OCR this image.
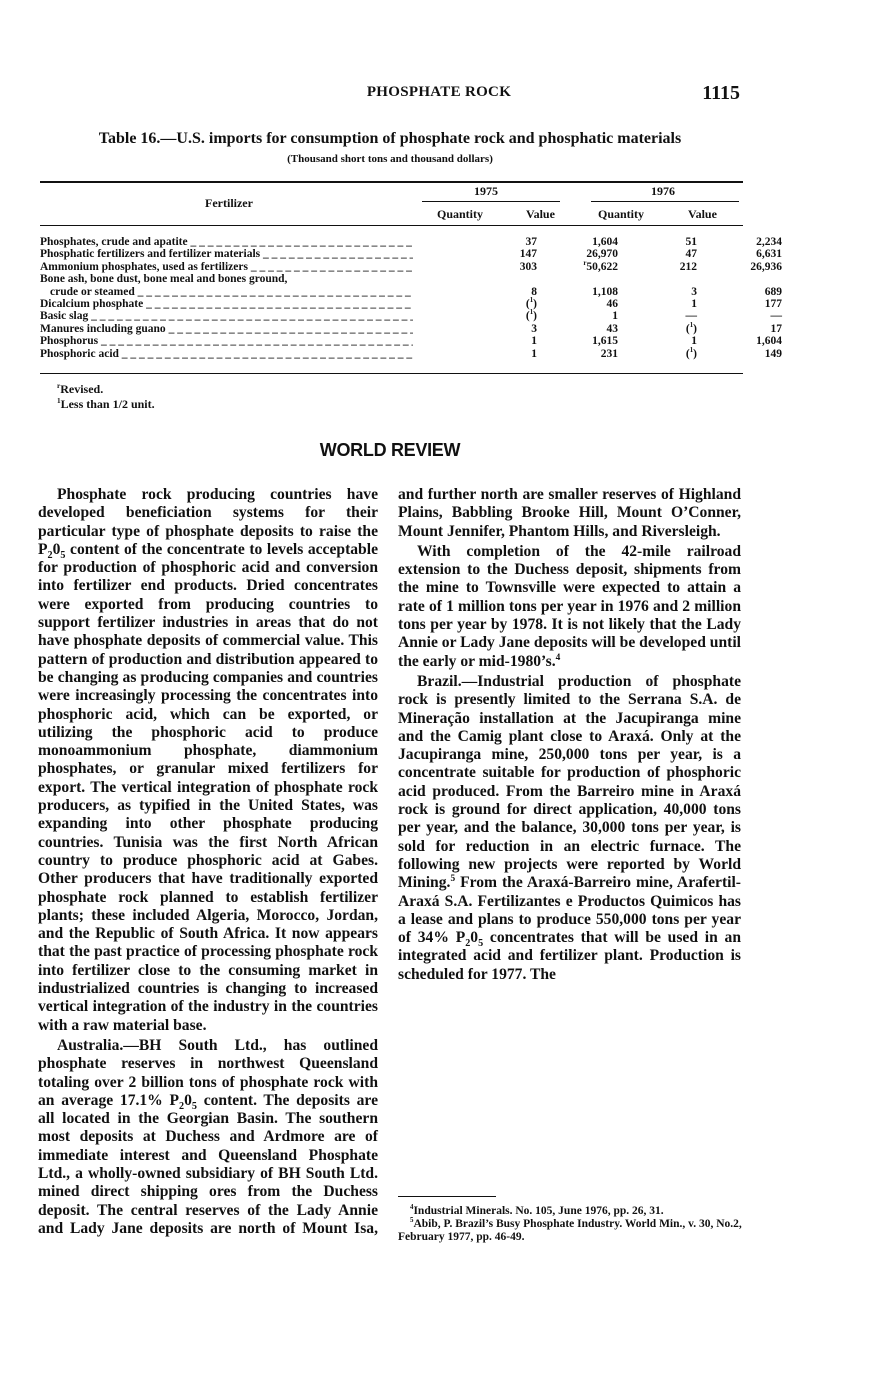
PHOSPHATE ROCK	1115
Table 16.—U.S. imports for consumption of phosphate rock and phosphatic materials
(Thousand short tons and thousand dollars)
Fertilizer
1975	1976
Quantity	Value	Quantity	Value
Phosphates, crude and apatite _ _ _	37	1,604	51	2,234
Phosphatic fertilizers and fertilizer materials _ _ _	147	26,970	47	6,631
Ammonium phosphates, used as fertilizers _ _ _	303	$^r$50,622	212	26,936
Bone ash, bone dust, bone meal and bones ground,
crude or steamed _ _ _	8	1,108	3	689
Dicalcium phosphate _ _ _	($^1$)	46	1	177
Basic slag _ _ _	($^1$)	1	—	—
Manures including guano _ _ _	3	43	($^1$)	17
Phosphorus _ _ _	1	1,615	1	1,604
Phosphoric acid _ _ _	1	231	($^1$)	149
$^r$Revised.
$^1$Less than 1/2 unit.
WORLD REVIEW

Phosphate rock producing countries have developed beneficiation systems for their particular type of phosphate deposits to raise the $P_20_5$ content of the concentrate to levels acceptable for production of phosphoric acid and conversion into fertilizer end products. Dried concentrates were exported from producing countries to support fertilizer industries in areas that do not have phosphate deposits of commercial value. This pattern of production and distribution appeared to be changing as producing companies and countries were increasingly processing the concentrates into phosphoric acid, which can be exported, or utilizing the phosphoric acid to produce monoammonium phosphate, diammonium phosphates, or granular mixed fertilizers for export. The vertical integration of phosphate rock producers, as typified in the United States, was expanding into other phosphate producing countries. Tunisia was the first North African country to produce phosphoric acid at Gabes. Other producers that have traditionally exported phosphate rock planned to establish fertilizer plants; these included Algeria, Morocco, Jordan, and the Republic of South Africa. It now appears that the past practice of processing phosphate rock into fertilizer close to the consuming market in industrialized countries is changing to increased vertical integration of the industry in the countries with a raw material base.

Australia.—BH South Ltd., has outlined phosphate reserves in northwest Queensland totaling over 2 billion tons of phosphate rock with an average 17.1% $P_20_5$ content. The deposits are all located in the Georgian Basin. The southern most deposits at Duchess and Ardmore are of immediate interest and Queensland Phosphate Ltd., a wholly-owned subsidiary of BH South Ltd. mined direct shipping ores from the Duchess deposit. The central reserves of the Lady Annie and Lady Jane deposits are north of Mount Isa,

and further north are smaller reserves of Highland Plains, Babbling Brooke Hill, Mount O’Conner, Mount Jennifer, Phantom Hills, and Riversleigh.

With completion of the 42-mile railroad extension to the Duchess deposit, shipments from the mine to Townsville were expected to attain a rate of 1 million tons per year in 1976 and 2 million tons per year by 1978. It is not likely that the Lady Annie or Lady Jane deposits will be developed until the early or mid-1980’s.$^4$

Brazil.—Industrial production of phosphate rock is presently limited to the Serrana S.A. de Mineração installation at the Jacupiranga mine and the Camig plant close to Araxá. Only at the Jacupiranga mine, 250,000 tons per year, is a concentrate suitable for production of phosphoric acid produced. From the Barreiro mine in Araxá rock is ground for direct application, 40,000 tons per year, and the balance, 30,000 tons per year, is sold for reduction in an electric furnace. The following new projects were reported by World Mining.$^5$ From the Araxá-Barreiro mine, Arafertil-Araxá S.A. Fertilizantes e Productos Quimicos has a lease and plans to produce 550,000 tons per year of 34% $P_20_5$ concentrates that will be used in an integrated acid and fertilizer plant. Production is scheduled for 1977. The

$^4$Industrial Minerals. No. 105, June 1976, pp. 26, 31.

$^5$Abib, P. Brazil’s Busy Phosphate Industry. World Min., v. 30, No.2, February 1977, pp. 46-49.
